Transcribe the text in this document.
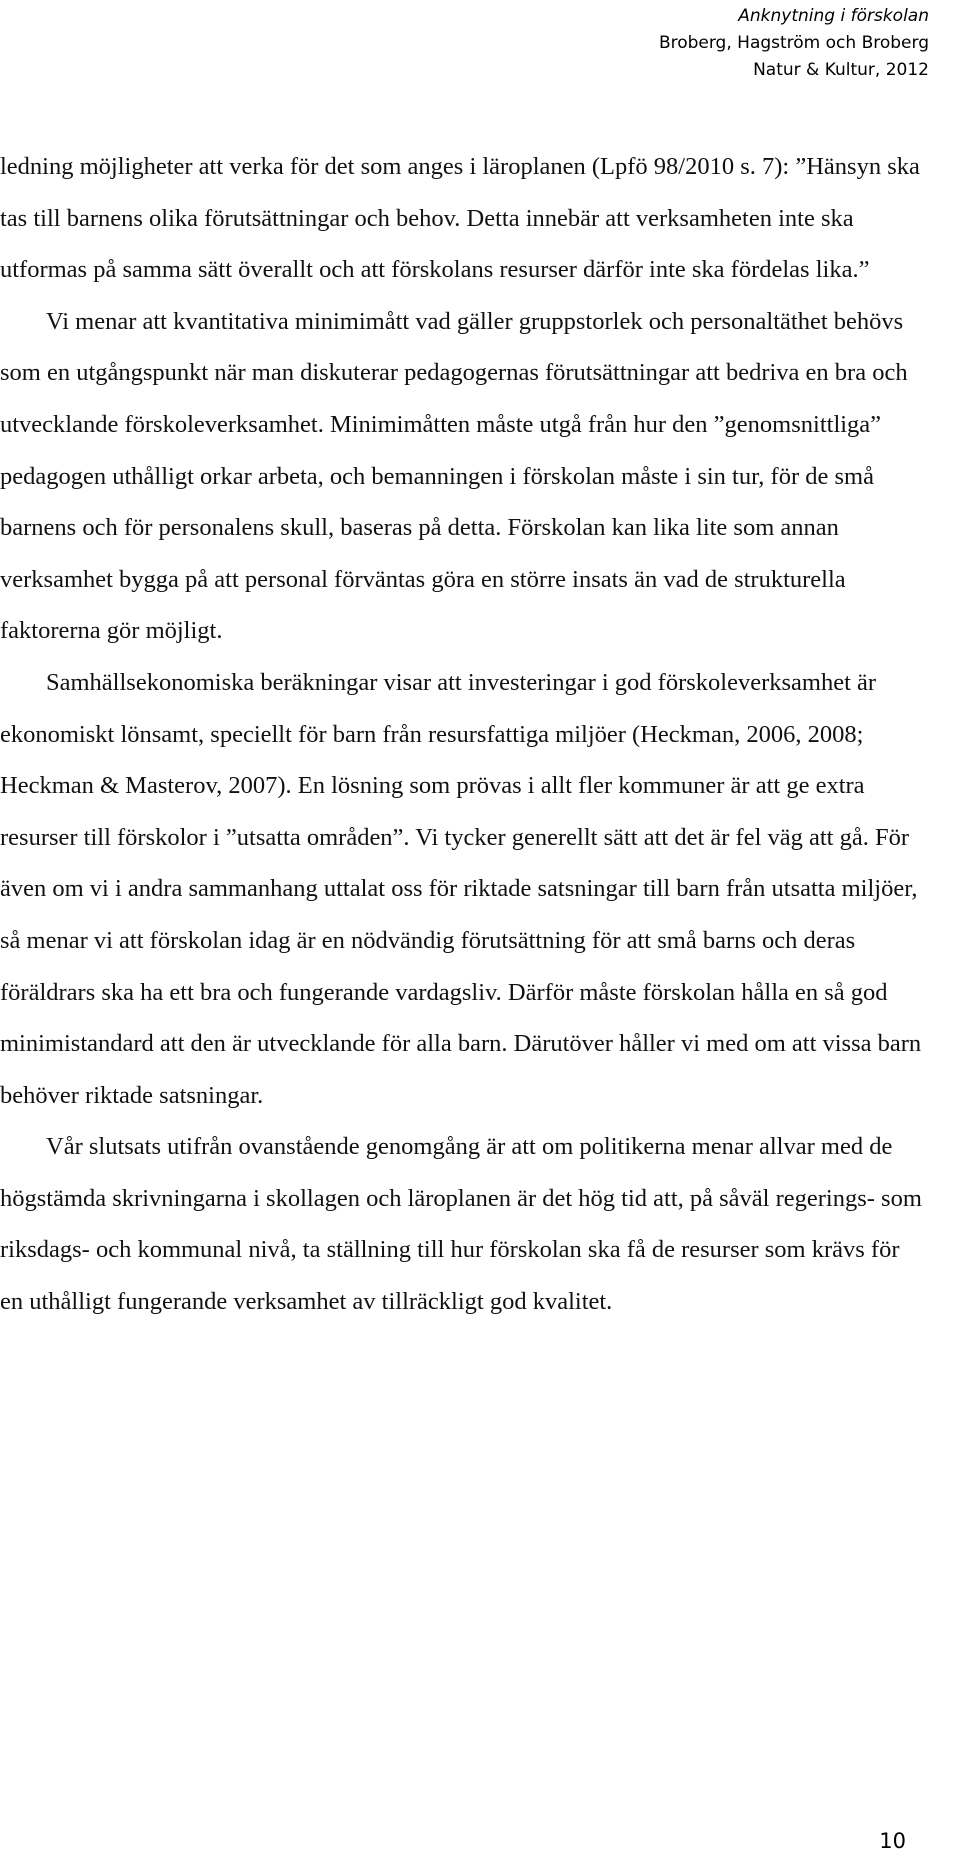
Anknytning i förskolan
Broberg, Hagström och Broberg
Natur & Kultur, 2012

ledning möjligheter att verka för det som anges i läroplanen (Lpfö 98/2010 s. 7): ”Hänsyn ska tas till barnens olika förutsättningar och behov. Detta innebär att verksamheten inte ska utformas på samma sätt överallt och att förskolans resurser därför inte ska fördelas lika.”

Vi menar att kvantitativa minimimått vad gäller gruppstorlek och personaltäthet behövs som en utgångspunkt när man diskuterar pedagogernas förutsättningar att bedriva en bra och utvecklande förskoleverksamhet. Minimimåtten måste utgå från hur den ”genomsnittliga” pedagogen uthålligt orkar arbeta, och bemanningen i förskolan måste i sin tur, för de små barnens och för personalens skull, baseras på detta. Förskolan kan lika lite som annan verksamhet bygga på att personal förväntas göra en större insats än vad de strukturella faktorerna gör möjligt.

Samhällsekonomiska beräkningar visar att investeringar i god förskoleverksamhet är ekonomiskt lönsamt, speciellt för barn från resursfattiga miljöer (Heckman, 2006, 2008; Heckman & Masterov, 2007). En lösning som prövas i allt fler kommuner är att ge extra resurser till förskolor i ”utsatta områden”. Vi tycker generellt sätt att det är fel väg att gå. För även om vi i andra sammanhang uttalat oss för riktade satsningar till barn från utsatta miljöer, så menar vi att förskolan idag är en nödvändig förutsättning för att små barns och deras föräldrars ska ha ett bra och fungerande vardagsliv. Därför måste förskolan hålla en så god minimistandard att den är utvecklande för alla barn. Därutöver håller vi med om att vissa barn behöver riktade satsningar.

Vår slutsats utifrån ovanstående genomgång är att om politikerna menar allvar med de högstämda skrivningarna i skollagen och läroplanen är det hög tid att, på såväl regerings- som riksdags- och kommunal nivå, ta ställning till hur förskolan ska få de resurser som krävs för en uthålligt fungerande verksamhet av tillräckligt god kvalitet.

10
